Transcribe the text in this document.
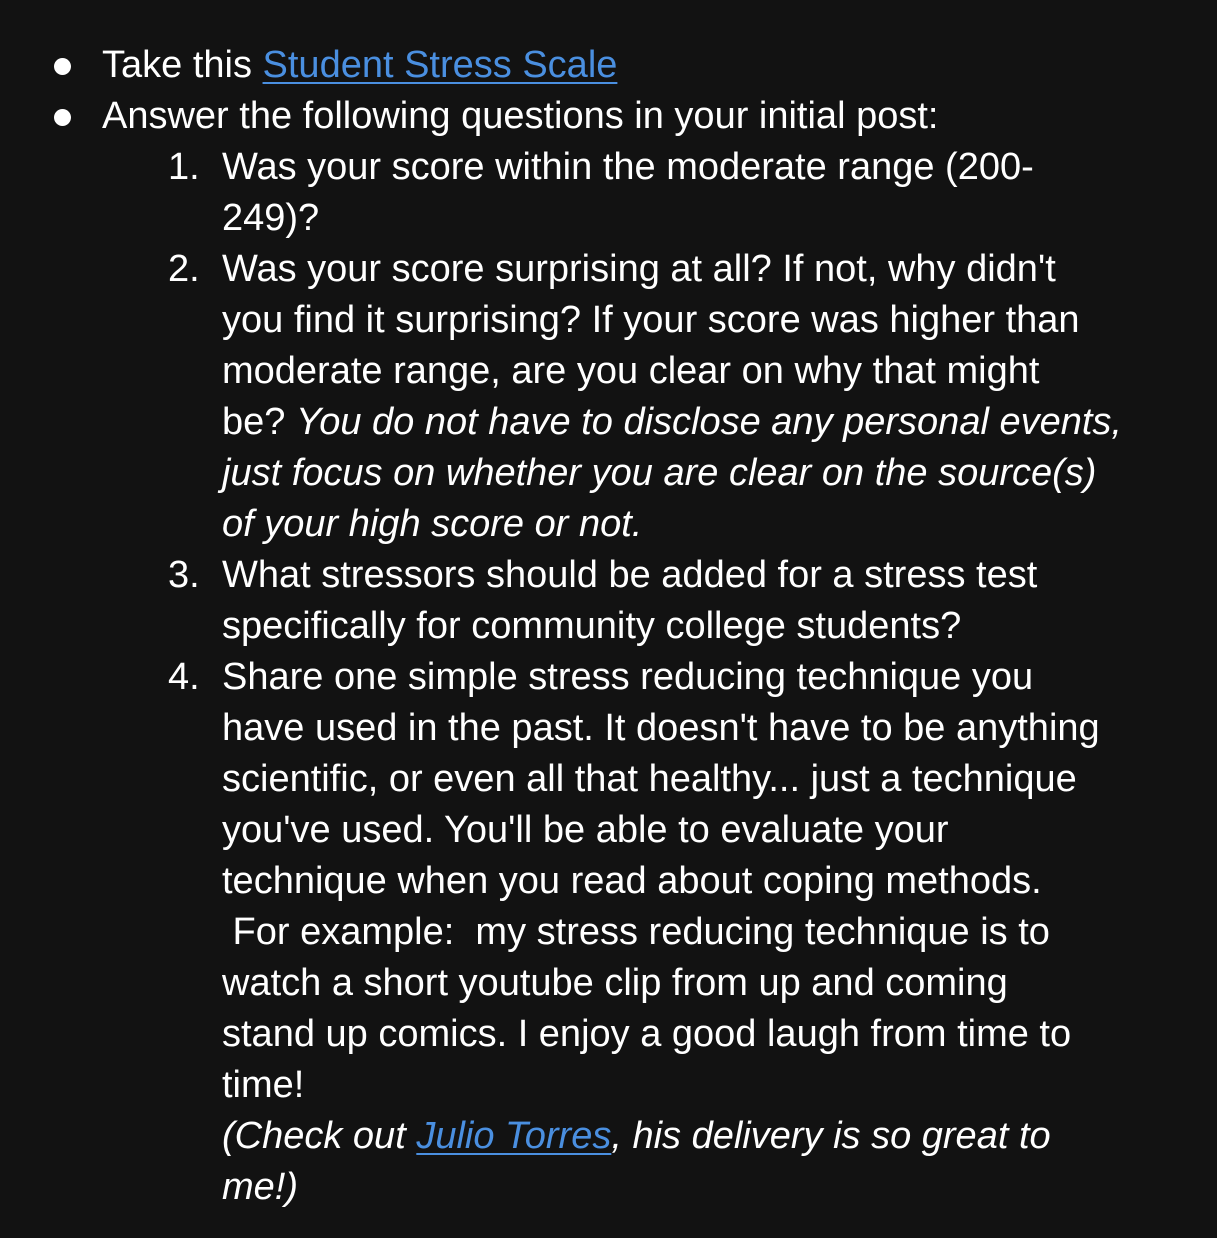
Take this Student Stress Scale
Answer the following questions in your initial post:
1. Was your score within the moderate range (200-
249)?
2. Was your score surprising at all? If not, why didn't
you find it surprising? If your score was higher than
moderate range, are you clear on why that might
be? You do not have to disclose any personal events,
just focus on whether you are clear on the source(s)
of your high score or not.
3. What stressors should be added for a stress test
specifically for community college students?
4. Share one simple stress reducing technique you
have used in the past. It doesn't have to be anything
scientific, or even all that healthy... just a technique
you've used. You'll be able to evaluate your
technique when you read about coping methods.
For example:  my stress reducing technique is to
watch a short youtube clip from up and coming
stand up comics. I enjoy a good laugh from time to
time!
(Check out Julio Torres, his delivery is so great to
me!)
